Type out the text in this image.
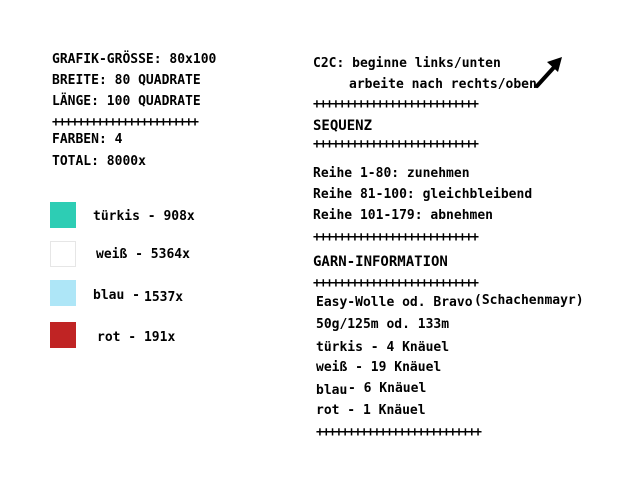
GRAFIK-GRÖSSE: 80x100
BREITE: 80 QUADRATE
LÄNGE: 100 QUADRATE
+++++++++++++++++++++++
FARBEN: 4
TOTAL: 8000x
türkis - 908x
weiß - 5364x
blau - 1537x
rot - 191x
C2C: beginne links/unten
arbeite nach rechts/oben
++++++++++++++++++++++++++
SEQUENZ
++++++++++++++++++++++++++
Reihe 1-80: zunehmen
Reihe 81-100: gleichbleibend
Reihe 101-179: abnehmen
++++++++++++++++++++++++++
GARN-INFORMATION
++++++++++++++++++++++++++
Easy-Wolle od. Bravo (Schachenmayr)
50g/125m od. 133m
türkis - 4 Knäuel
weiß - 19 Knäuel
blau - 6 Knäuel
rot - 1 Knäuel
++++++++++++++++++++++++++
